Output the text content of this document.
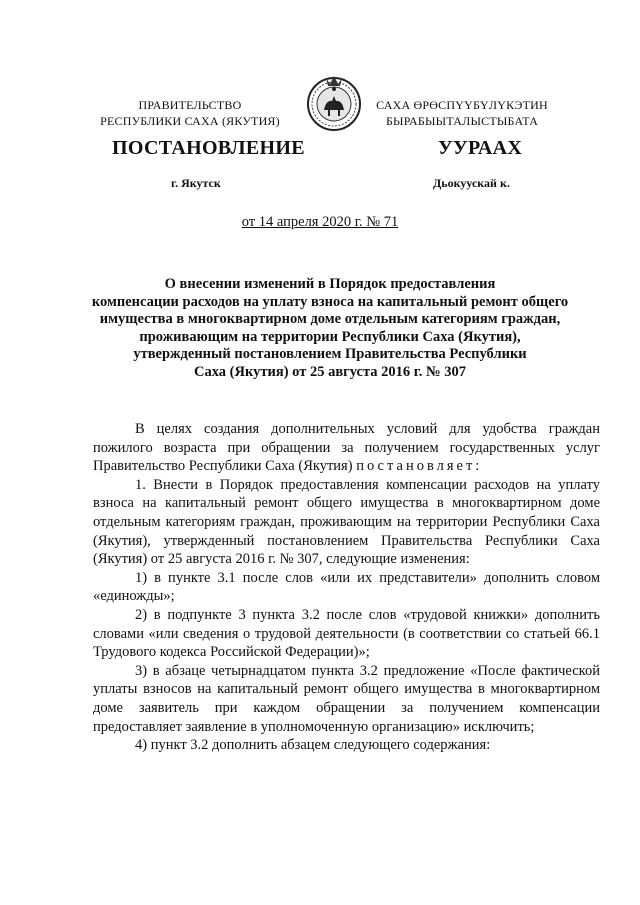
ПРАВИТЕЛЬСТВО
РЕСПУБЛИКИ САХА (ЯКУТИЯ)
САХА ӨРӨСПҮҮБҮЛҮКЭТИН
БЫРАБЫЫТАЛЫСТЫБАТА
ПОСТАНОВЛЕНИЕ	УУРААХ
г. Якутск	Дьокуускай к.
от 14 апреля 2020 г. № 71
О внесении изменений в Порядок предоставления
компенсации расходов на уплату взноса на капитальный ремонт общего
имущества в многоквартирном доме отдельным категориям граждан,
проживающим на территории Республики Саха (Якутия),
утвержденный постановлением Правительства Республики
Саха (Якутия) от 25 августа 2016 г. № 307

В целях создания дополнительных условий для удобства граждан пожилого возраста при обращении за получением государственных услуг Правительство Республики Саха (Якутия) постановляет:

1. Внести в Порядок предоставления компенсации расходов на уплату взноса на капитальный ремонт общего имущества в многоквартирном доме отдельным категориям граждан, проживающим на территории Республики Саха (Якутия), утвержденный постановлением Правительства Республики Саха (Якутия) от 25 августа 2016 г. № 307, следующие изменения:

1) в пункте 3.1 после слов «или их представители» дополнить словом «единожды»;

2) в подпункте 3 пункта 3.2 после слов «трудовой книжки» дополнить словами «или сведения о трудовой деятельности (в соответствии со статьей 66.1 Трудового кодекса Российской Федерации)»;

3) в абзаце четырнадцатом пункта 3.2 предложение «После фактической уплаты взносов на капитальный ремонт общего имущества в многоквартирном доме заявитель при каждом обращении за получением компенсации предоставляет заявление в уполномоченную организацию» исключить;

4) пункт 3.2 дополнить абзацем следующего содержания:
